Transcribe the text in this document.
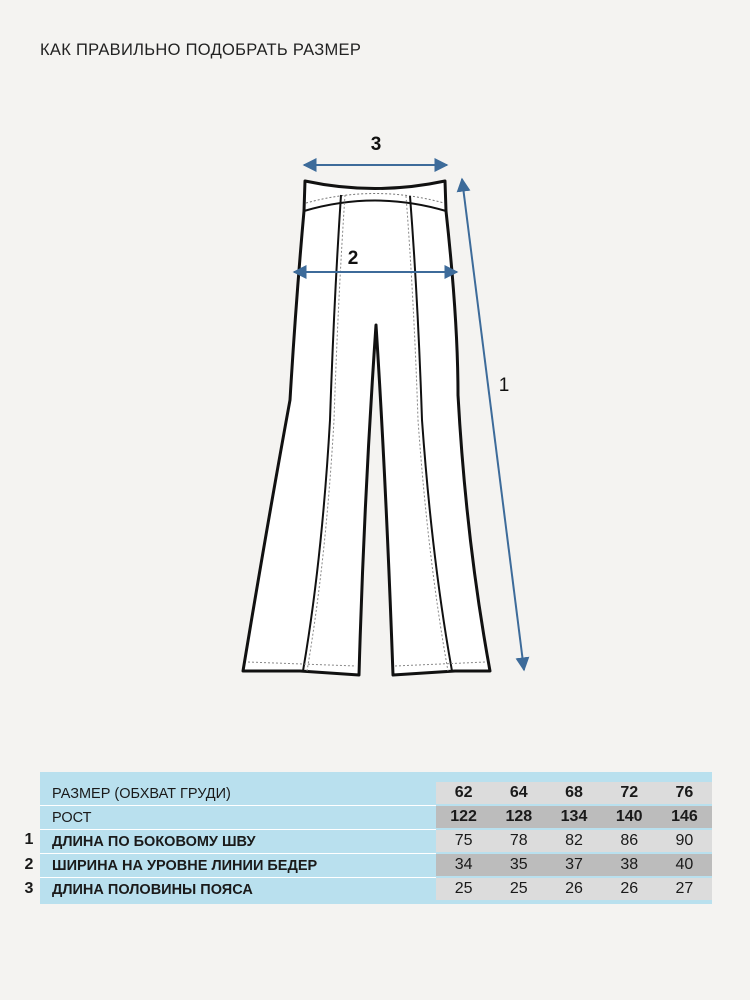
КАК ПРАВИЛЬНО ПОДОБРАТЬ РАЗМЕР
3
2
1
1
2
3
РАЗМЕР (ОБХВАТ ГРУДИ)	62	64	68	72	76
РОСТ	122	128	134	140	146
ДЛИНА ПО БОКОВОМУ ШВУ	75	78	82	86	90
ШИРИНА НА УРОВНЕ ЛИНИИ БЕДЕР	34	35	37	38	40
ДЛИНА ПОЛОВИНЫ ПОЯСА	25	25	26	26	27
